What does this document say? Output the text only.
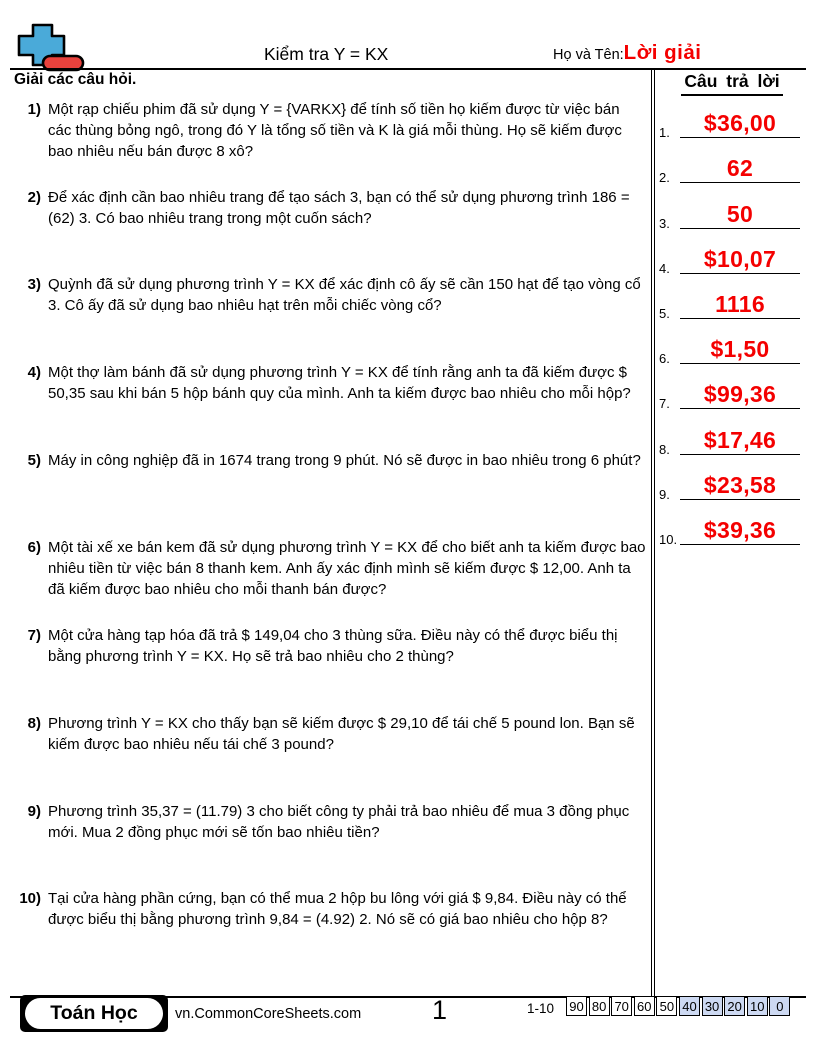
Kiểm tra Y = KX	Họ và Tên: Lời giải
Giải các câu hỏi.
1) Một rạp chiếu phim đã sử dụng Y = {VARKX} để tính số tiền họ kiếm được từ việc bán các thùng bỏng ngô, trong đó Y là tổng số tiền và K là giá mỗi thùng. Họ sẽ kiếm được bao nhiêu nếu bán được 8 xô?
2) Để xác định cần bao nhiêu trang để tạo sách 3, bạn có thể sử dụng phương trình 186 = (62) 3. Có bao nhiêu trang trong một cuốn sách?
3) Quỳnh đã sử dụng phương trình Y = KX để xác định cô ấy sẽ cần 150 hạt để tạo vòng cổ 3. Cô ấy đã sử dụng bao nhiêu hạt trên mỗi chiếc vòng cổ?
4) Một thợ làm bánh đã sử dụng phương trình Y = KX để tính rằng anh ta đã kiếm được $ 50,35 sau khi bán 5 hộp bánh quy của mình. Anh ta kiếm được bao nhiêu cho mỗi hộp?
5) Máy in công nghiệp đã in 1674 trang trong 9 phút. Nó sẽ được in bao nhiêu trong 6 phút?
6) Một tài xế xe bán kem đã sử dụng phương trình Y = KX để cho biết anh ta kiếm được bao nhiêu tiền từ việc bán 8 thanh kem. Anh ấy xác định mình sẽ kiếm được $ 12,00. Anh ta đã kiếm được bao nhiêu cho mỗi thanh bán được?
7) Một cửa hàng tạp hóa đã trả $ 149,04 cho 3 thùng sữa. Điều này có thể được biểu thị bằng phương trình Y = KX. Họ sẽ trả bao nhiêu cho 2 thùng?
8) Phương trình Y = KX cho thấy bạn sẽ kiếm được $ 29,10 để tái chế 5 pound lon. Bạn sẽ kiếm được bao nhiêu nếu tái chế 3 pound?
9) Phương trình 35,37 = (11.79) 3 cho biết công ty phải trả bao nhiêu để mua 3 đồng phục mới. Mua 2 đồng phục mới sẽ tốn bao nhiêu tiền?
10) Tại cửa hàng phần cứng, bạn có thể mua 2 hộp bu lông với giá $ 9,84. Điều này có thể được biểu thị bằng phương trình 9,84 = (4.92) 2. Nó sẽ có giá bao nhiêu cho hộp 8?
Câu trả lời
1.	$36,00
2.	62
3.	50
4.	$10,07
5.	1116
6.	$1,50
7.	$99,36
8.	$17,46
9.	$23,58
10.	$39,36
Toán Học	vn.CommonCoreSheets.com	1	1-10 90 80 70 60 50 40 30 20 10 0
